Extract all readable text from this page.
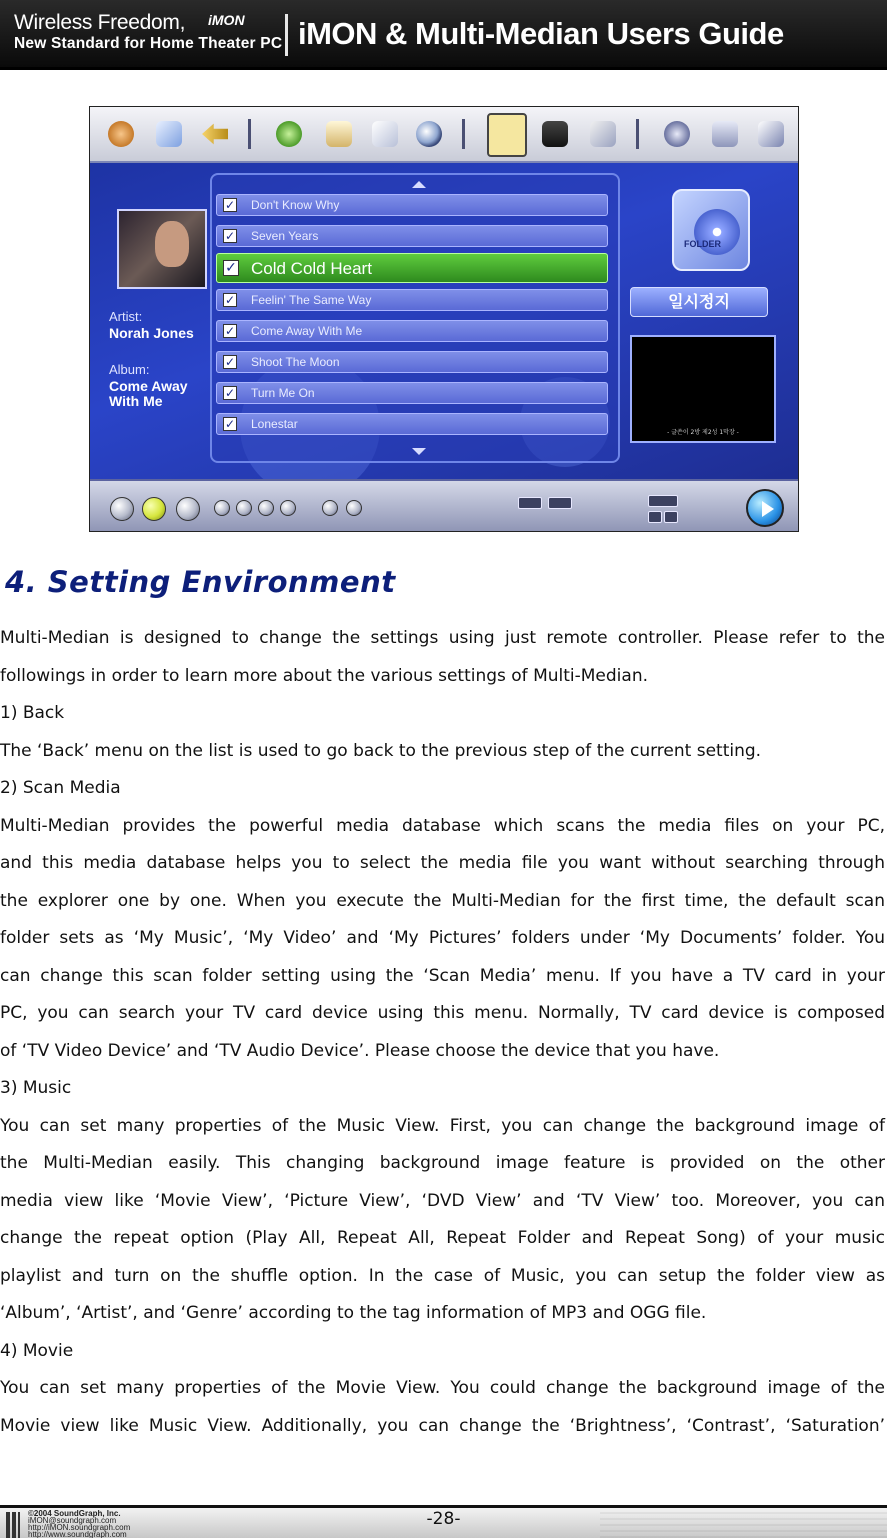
Wireless Freedom,
New Standard for Home Theater PC
iMON	iMON & Multi-Median Users Guide
Artist:
Norah Jones
Album:
Come Away
With Me
✓ Don't Know Why
✓ Seven Years
✓ Cold Cold Heart
✓ Feelin' The Same Way
✓ Come Away With Me
✓ Shoot The Moon
✓ Turn Me On
✓ Lonestar
FOLDER
일시정지
- 글쓴이 2방 제2성 1막장 -
4. Setting Environment
Multi-Median is designed to change the settings using just remote controller. Please refer to the
followings in order to learn more about the various settings of Multi-Median.
1) Back
The ‘Back’ menu on the list is used to go back to the previous step of the current setting.
2) Scan Media
Multi-Median provides the powerful media database which scans the media files on your PC,
and this media database helps you to select the media file you want without searching through
the explorer one by one. When you execute the Multi-Median for the first time, the default scan
folder sets as ‘My Music’, ‘My Video’ and ‘My Pictures’ folders under ‘My Documents’ folder. You
can change this scan folder setting using the ‘Scan Media’ menu. If you have a TV card in your
PC, you can search your TV card device using this menu. Normally, TV card device is composed
of ‘TV Video Device’ and ‘TV Audio Device’. Please choose the device that you have.
3) Music
You can set many properties of the Music View. First, you can change the background image of
the Multi-Median easily. This changing background image feature is provided on the other
media view like ‘Movie View’, ‘Picture View’, ‘DVD View’ and ‘TV View’ too. Moreover, you can
change the repeat option (Play All, Repeat All, Repeat Folder and Repeat Song) of your music
playlist and turn on the shuffle option. In the case of Music, you can setup the folder view as
‘Album’, ‘Artist’, and ‘Genre’ according to the tag information of MP3 and OGG file.
4) Movie
You can set many properties of the Movie View. You could change the background image of the
Movie view like Music View. Additionally, you can change the ‘Brightness’, ‘Contrast’, ‘Saturation’
©2004 SoundGraph, Inc.
iMON@soundgraph.com
http://iMON.soundgraph.com
http://www.soundgraph.com
-28-
